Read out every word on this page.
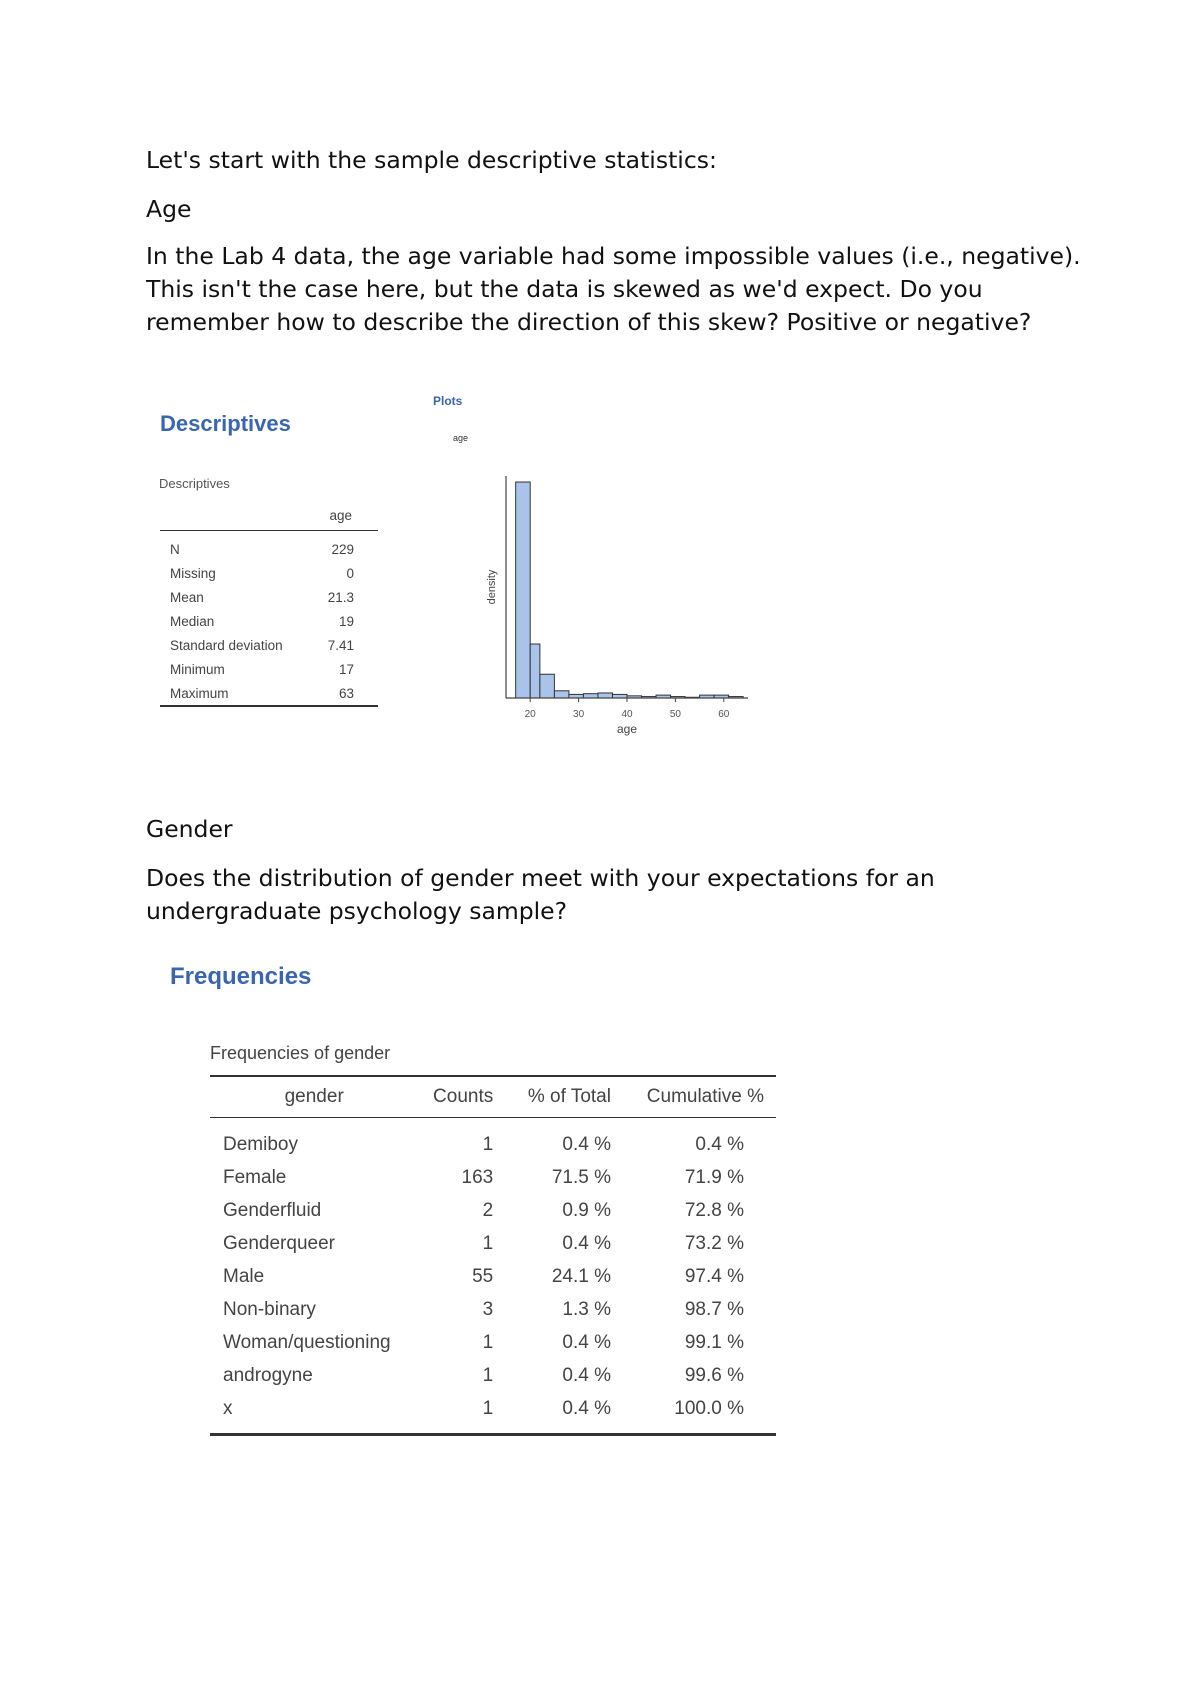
Let's start with the sample descriptive statistics:

Age

In the Lab 4 data, the age variable had some impossible values (i.e., negative). This isn't the case here, but the data is skewed as we'd expect. Do you remember how to describe the direction of this skew? Positive or negative?

Descriptives
Descriptives
	age
N	229
Missing	0
Mean	21.3
Median	19
Standard deviation	7.41
Minimum	17
Maximum	63
Plots
age
20	30	40	50	60
density
age

Gender

Does the distribution of gender meet with your expectations for an undergraduate psychology sample?

Frequencies
Frequencies of gender
gender	Counts	% of Total	Cumulative %
Demiboy	1	0.4 %	0.4 %
Female	163	71.5 %	71.9 %
Genderfluid	2	0.9 %	72.8 %
Genderqueer	1	0.4 %	73.2 %
Male	55	24.1 %	97.4 %
Non-binary	3	1.3 %	98.7 %
Woman/questioning	1	0.4 %	99.1 %
androgyne	1	0.4 %	99.6 %
x	1	0.4 %	100.0 %
